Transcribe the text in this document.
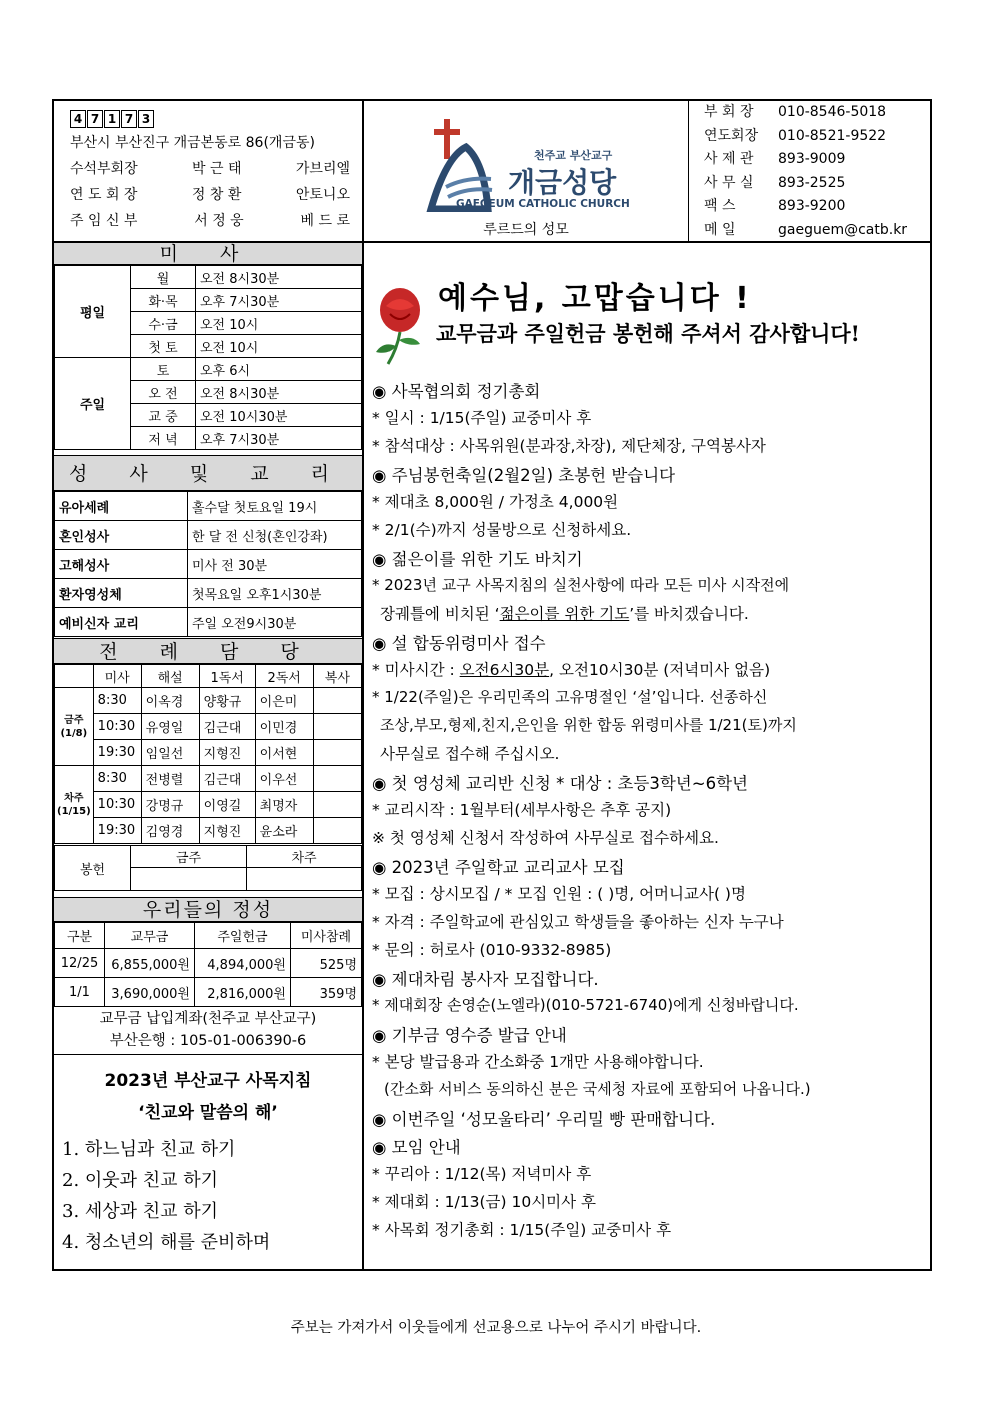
4 7 1 7 3
부산시 부산진구 개금본동로 86(개금동)
수석부회장	박 근 태	가브리엘
연 도 회 장	정 창 환	안토니오
주 임 신 부	서 정 웅	베 드 로
천주교 부산교구
개금성당
GAEGEUM CATHOLIC CHURCH
루르드의 성모
부 회 장	010-8546-5018
연도회장	010-8521-9522
사 제 관	893-9009
사 무 실	893-2525
팩 스	893-9200
메 일	gaeguem@catb.kr
미 사
평일	월	오전 8시30분
	화·목	오후 7시30분
	수·금	오전 10시
	첫 토	오전 10시
주일	토	오후 6시
	오 전	오전 8시30분
	교 중	오전 10시30분
	저 녁	오후 7시30분
성 사 및 교 리
유아세례	홀수달 첫토요일 19시
혼인성사	한 달 전 신청(혼인강좌)
고해성사	미사 전 30분
환자영성체	첫목요일 오후1시30분
예비신자 교리	주일 오전9시30분
전 례 담 당
	미사	해설	1독서	2독서	복사
금주(1/8)	8:30	이옥경	양황규	이은미	
	10:30	유영일	김근대	이민경	
	19:30	임일선	지형진	이서현	
차주(1/15)	8:30	전병렬	김근대	이우선	
	10:30	강명규	이영길	최명자	
	19:30	김영경	지형진	윤소라	
봉헌	금주	차주

우리들의 정성
구분	교무금	주일헌금	미사참례
12/25	6,855,000원	4,894,000원	525명
1/1	3,690,000원	2,816,000원	359명
교무금 납입계좌(천주교 부산교구)
부산은행 : 105-01-006390-6
2023년 부산교구 사목지침
‘친교와 말씀의 해’
1. 하느님과 친교 하기
2. 이웃과 친교 하기
3. 세상과 친교 하기
4. 청소년의 해를 준비하며
예수님, 고맙습니다 !
교무금과 주일헌금 봉헌해 주셔서 감사합니다!
◉ 사목협의회 정기총회
* 일시 : 1/15(주일) 교중미사 후
* 참석대상 : 사목위원(분과장,차장), 제단체장, 구역봉사자
◉ 주님봉헌축일(2월2일) 초봉헌 받습니다
* 제대초 8,000원 / 가정초 4,000원
* 2/1(수)까지 성물방으로 신청하세요.
◉ 젊은이를 위한 기도 바치기
* 2023년 교구 사목지침의 실천사항에 따라 모든 미사 시작전에
장궤틀에 비치된 ‘젊은이를 위한 기도’를 바치겠습니다.
◉ 설 합동위령미사 접수
* 미사시간 : 오전6시30분, 오전10시30분 (저녁미사 없음)
* 1/22(주일)은 우리민족의 고유명절인 ‘설’입니다. 선종하신
조상,부모,형제,친지,은인을 위한 합동 위령미사를 1/21(토)까지
사무실로 접수해 주십시오.
◉ 첫 영성체 교리반 신청 * 대상 : 초등3학년~6학년
* 교리시작 : 1월부터(세부사항은 추후 공지)
※ 첫 영성체 신청서 작성하여 사무실로 접수하세요.
◉ 2023년 주일학교 교리교사 모집
* 모집 : 상시모집 / * 모집 인원 : ( )명, 어머니교사( )명
* 자격 : 주일학교에 관심있고 학생들을 좋아하는 신자 누구나
* 문의 : 허로사 (010-9332-8985)
◉ 제대차림 봉사자 모집합니다.
* 제대회장 손영순(노엘라)(010-5721-6740)에게 신청바랍니다.
◉ 기부금 영수증 발급 안내
* 본당 발급용과 간소화중 1개만 사용해야합니다.
(간소화 서비스 동의하신 분은 국세청 자료에 포함되어 나옵니다.)
◉ 이번주일 ‘성모울타리’ 우리밀 빵 판매합니다.
◉ 모임 안내
* 꾸리아 : 1/12(목) 저녁미사 후
* 제대회 : 1/13(금) 10시미사 후
* 사목회 정기총회 : 1/15(주일) 교중미사 후
주보는 가져가서 이웃들에게 선교용으로 나누어 주시기 바랍니다.
